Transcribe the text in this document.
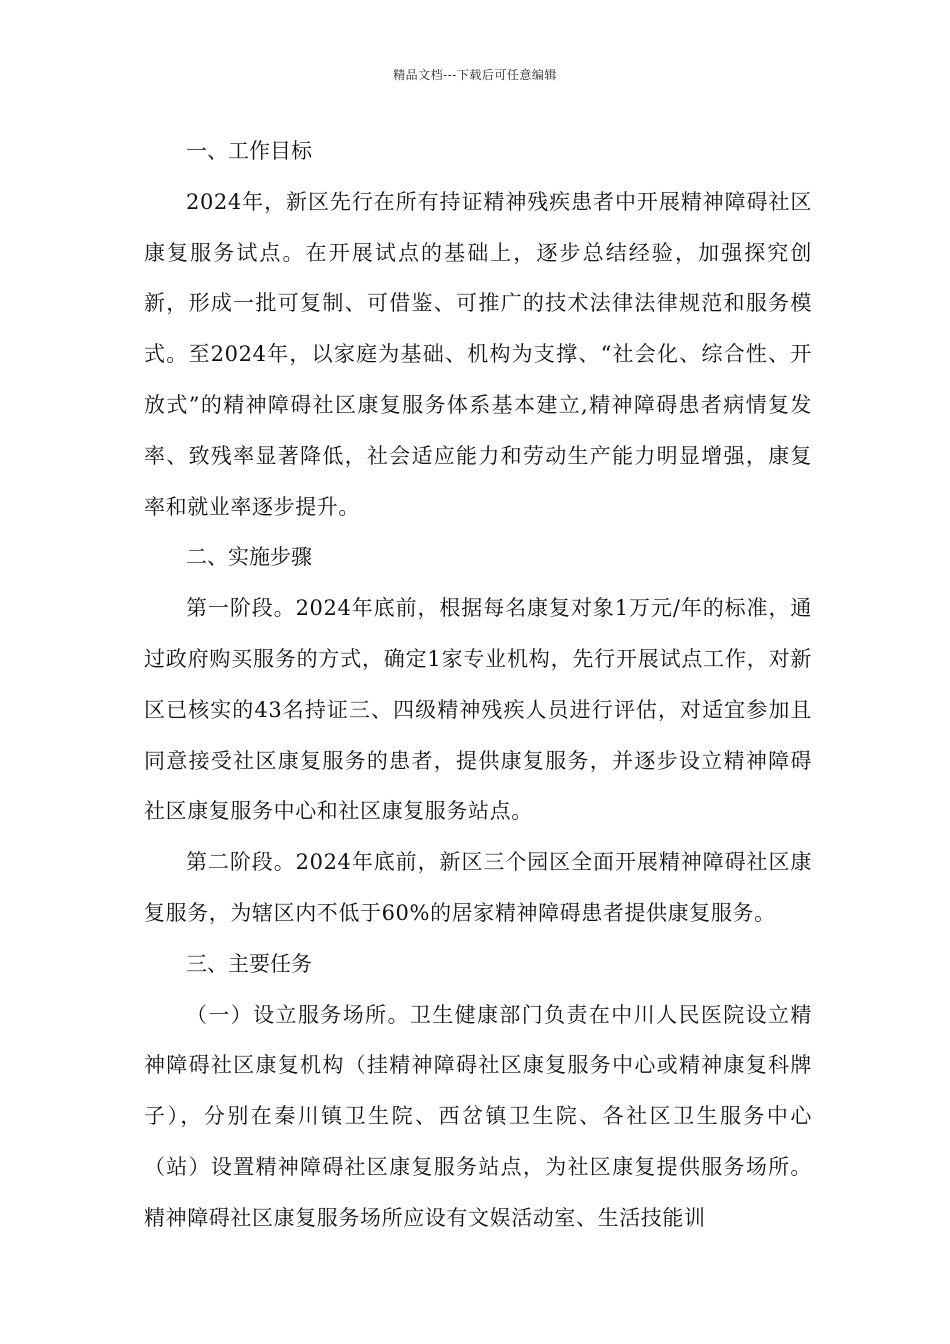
精品文档---下载后可任意编辑

一、工作目标

2024年，新区先行在所有持证精神残疾患者中开展精神障碍社区康复服务试点。在开展试点的基础上，逐步总结经验，加强探究创新，形成一批可复制、可借鉴、可推广的技术法律法律规范和服务模式。至2024年，以家庭为基础、机构为支撑、“社会化、综合性、开放式”的精神障碍社区康复服务体系基本建立,精神障碍患者病情复发率、致残率显著降低，社会适应能力和劳动生产能力明显增强，康复率和就业率逐步提升。

二、实施步骤

第一阶段。2024年底前，根据每名康复对象1万元/年的标准，通过政府购买服务的方式，确定1家专业机构，先行开展试点工作，对新区已核实的43名持证三、四级精神残疾人员进行评估，对适宜参加且同意接受社区康复服务的患者，提供康复服务，并逐步设立精神障碍社区康复服务中心和社区康复服务站点。

第二阶段。2024年底前，新区三个园区全面开展精神障碍社区康复服务，为辖区内不低于60%的居家精神障碍患者提供康复服务。

三、主要任务

（一）设立服务场所。卫生健康部门负责在中川人民医院设立精神障碍社区康复机构（挂精神障碍社区康复服务中心或精神康复科牌子），分别在秦川镇卫生院、西岔镇卫生院、各社区卫生服务中心（站）设置精神障碍社区康复服务站点，为社区康复提供服务场所。精神障碍社区康复服务场所应设有文娱活动室、生活技能训
